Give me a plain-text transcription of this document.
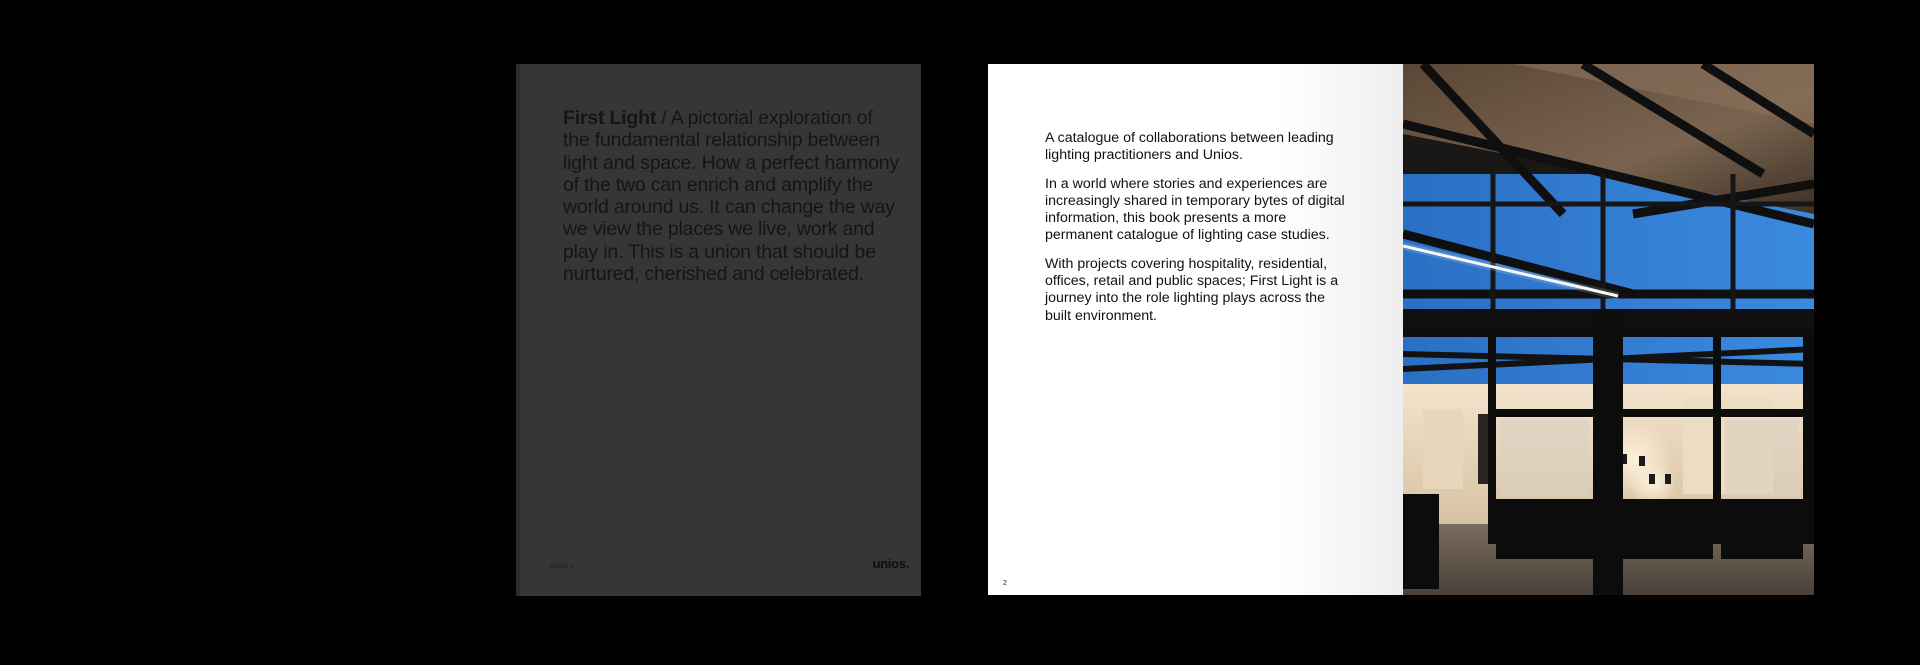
First Light / A pictorial exploration of the fundamental relationship between light and space. How a perfect harmony of the two can enrich and amplify the world around us. It can change the way we view the places we live, work and play in. This is a union that should be nurtured, cherished and celebrated.

Edition 1	unios.

A catalogue of collaborations between leading lighting practitioners and Unios.

In a world where stories and experiences are increasingly shared in temporary bytes of digital information, this book presents a more permanent catalogue of lighting case studies.

With projects covering hospitality, residential, offices, retail and public spaces; First Light is a journey into the role lighting plays across the built environment.

2
